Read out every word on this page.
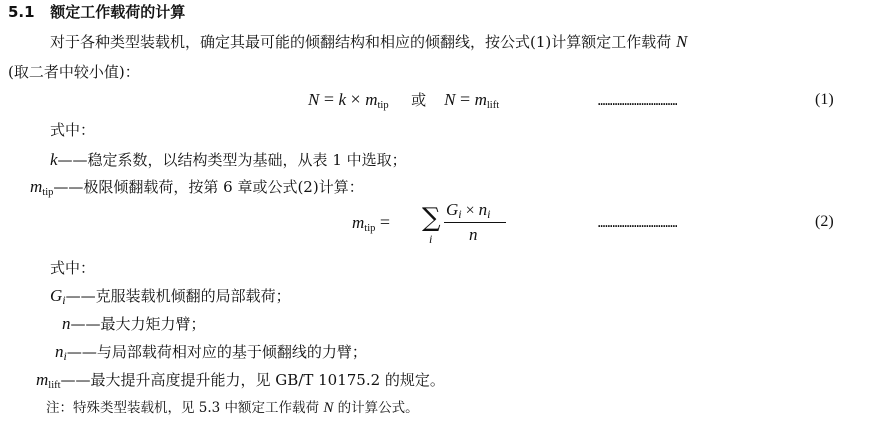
5.1 额定工作载荷的计算
对于各种类型装载机，确定其最可能的倾翻结构和相应的倾翻线，按公式(1)计算额定工作载荷 N
(取二者中较小值)：
$N = k \times m_{tip}$ 或 $N = m_{lift}$	……………………………	(1)
式中：
k——稳定系数，以结构类型为基础，从表 1 中选取；
$m_{tip}——$极限倾翻载荷，按第 6 章或公式(2)计算：
$m_{tip}$ = ∑
i
Gi × ni
n
……………………………	(2)
式中：
$G_i——$克服装载机倾翻的局部载荷；
n——最大力矩力臂；
$n_i——$与局部载荷相对应的基于倾翻线的力臂；
$m_{lift}——$最大提升高度提升能力，见 GB/T 10175.2 的规定。
注：特殊类型装载机，见 5.3 中额定工作载荷 N 的计算公式。
